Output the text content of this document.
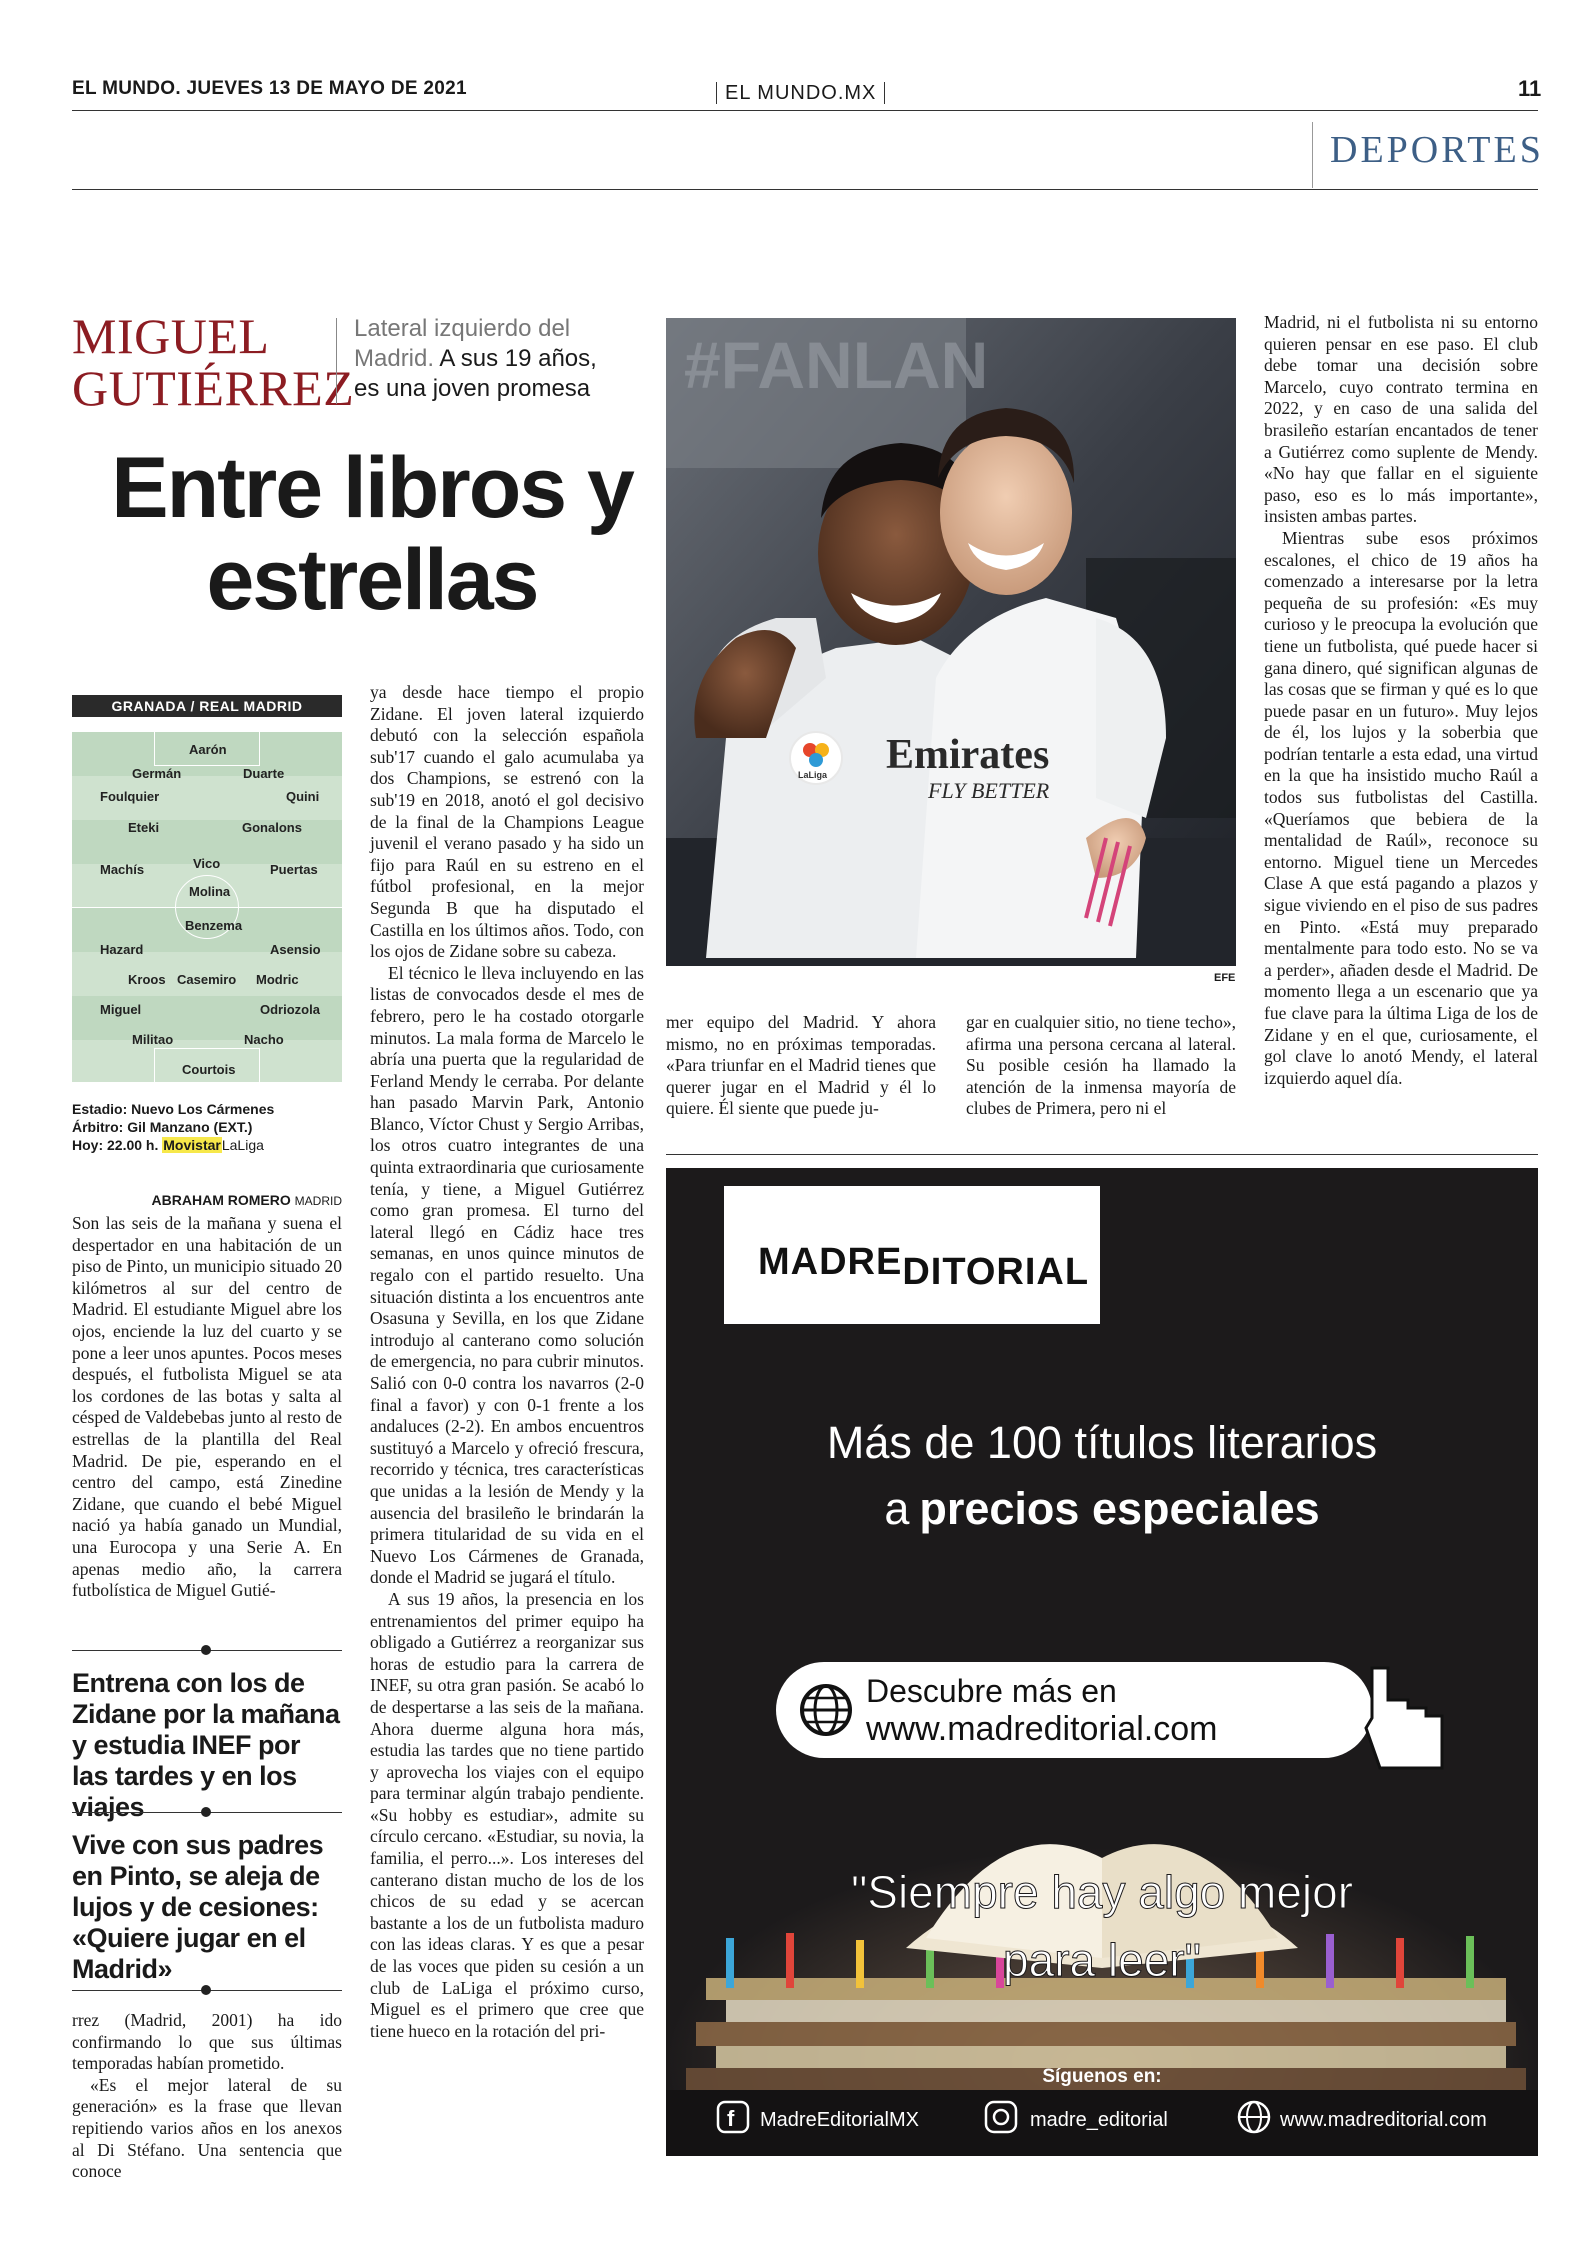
EL MUNDO. JUEVES 13 DE MAYO DE 2021	EL MUNDO.MX	11
DEPORTES
MIGUEL
GUTIÉRREZ
Lateral izquierdo del Madrid. A sus 19 años, es una joven promesa
Entre libros y
estrellas
GRANADA / REAL MADRID
Aarón
Germán	Duarte
Foulquier	Quini
Eteki	Gonalons
Machís	Vico	Puertas
Molina
Benzema
Hazard	Asensio
Kroos Casemiro Modric
Miguel	Odriozola
Militao	Nacho
Courtois
Estadio: Nuevo Los Cármenes
Árbitro: Gil Manzano (EXT.)
Hoy: 22.00 h. MovistarLaLiga
ABRAHAM ROMERO MADRID

Son las seis de la mañana y suena el despertador en una habitación de un piso de Pinto, un municipio situado 20 kilómetros al sur del centro de Madrid. El estudiante Miguel abre los ojos, enciende la luz del cuarto y se pone a leer unos apuntes. Pocos meses después, el futbolista Miguel se ata los cordones de las botas y salta al césped de Valdebebas junto al resto de estrellas de la plantilla del Real Madrid. De pie, esperando en el centro del campo, está Zinedine Zidane, que cuando el bebé Miguel nació ya había ganado un Mundial, una Eurocopa y una Serie A. En apenas medio año, la carrera futbolística de Miguel Gutié-

Entrena con los de Zidane por la mañana y estudia INEF por las tardes y en los viajes
Vive con sus padres en Pinto, se aleja de lujos y de cesiones: «Quiere jugar en el Madrid»

rrez (Madrid, 2001) ha ido confirmando lo que sus últimas temporadas habían prometido.

«Es el mejor lateral de su generación» es la frase que llevan repitiendo varios años en los anexos al Di Stéfano. Una sentencia que conoce

ya desde hace tiempo el propio Zidane. El joven lateral izquierdo debutó con la selección española sub'17 cuando el galo acumulaba ya dos Champions, se estrenó con la sub'19 en 2018, anotó el gol decisivo de la final de la Champions League juvenil el verano pasado y ha sido un fijo para Raúl en su estreno en el fútbol profesional, en la mejor Segunda B que ha disputado el Castilla en los últimos años. Todo, con los ojos de Zidane sobre su cabeza.

El técnico le lleva incluyendo en las listas de convocados desde el mes de febrero, pero le ha costado otorgarle minutos. La mala forma de Marcelo le abría una puerta que la regularidad de Ferland Mendy le cerraba. Por delante han pasado Marvin Park, Antonio Blanco, Víctor Chust y Sergio Arribas, los otros cuatro integrantes de una quinta extraordinaria que curiosamente tenía, y tiene, a Miguel Gutiérrez como gran promesa. El turno del lateral llegó en Cádiz hace tres semanas, en unos quince minutos de regalo con el partido resuelto. Una situación distinta a los encuentros ante Osasuna y Sevilla, en los que Zidane introdujo al canterano como solución de emergencia, no para cubrir minutos. Salió con 0-0 contra los navarros (2-0 final a favor) y con 0-1 frente a los andaluces (2-2). En ambos encuentros sustituyó a Marcelo y ofreció frescura, recorrido y técnica, tres características que unidas a la lesión de Mendy y la ausencia del brasileño le brindarán la primera titularidad de su vida en el Nuevo Los Cármenes de Granada, donde el Madrid se jugará el título.

A sus 19 años, la presencia en los entrenamientos del primer equipo ha obligado a Gutiérrez a reorganizar sus horas de estudio para la carrera de INEF, su otra gran pasión. Se acabó lo de despertarse a las seis de la mañana. Ahora duerme alguna hora más, estudia las tardes que no tiene partido y aprovecha los viajes con el equipo para terminar algún trabajo pendiente. «Su hobby es estudiar», admite su círculo cercano. «Estudiar, su novia, la familia, el perro...». Los intereses del canterano distan mucho de los de los chicos de su edad y se acercan bastante a los de un futbolista maduro con las ideas claras. Y es que a pesar de las voces que piden su cesión a un club de LaLiga el próximo curso, Miguel es el primero que cree que tiene hueco en la rotación del pri-

LaLiga Emirates
FLY BETTER
#FANLAN
EFE

mer equipo del Madrid. Y ahora mismo, no en próximas temporadas. «Para triunfar en el Madrid tienes que querer jugar en el Madrid y él lo quiere. Él siente que puede ju-

gar en cualquier sitio, no tiene techo», afirma una persona cercana al lateral. Su posible cesión ha llamado la atención de la inmensa mayoría de clubes de Primera, pero ni el

Madrid, ni el futbolista ni su entorno quieren pensar en ese paso. El club debe tomar una decisión sobre Marcelo, cuyo contrato termina en 2022, y en caso de una salida del brasileño estarían encantados de tener a Gutiérrez como suplente de Mendy. «No hay que fallar en el siguiente paso, eso es lo más importante», insisten ambas partes.

Mientras sube esos próximos escalones, el chico de 19 años ha comenzado a interesarse por la letra pequeña de su profesión: «Es muy curioso y le preocupa la evolución que tiene un futbolista, qué puede hacer si gana dinero, qué significan algunas de las cosas que se firman y qué es lo que puede pasar en un futuro». Muy lejos de él, los lujos y la soberbia que podrían tentarle a esta edad, una virtud en la que ha insistido mucho Raúl a todos sus futbolistas del Castilla. «Queríamos que bebiera de la mentalidad de Raúl», reconoce su entorno. Miguel tiene un Mercedes Clase A que está pagando a plazos y sigue viviendo en el piso de sus padres en Pinto. «Está muy preparado mentalmente para todo esto. No se va a perder», añaden desde el Madrid. De momento llega a un escenario que ya fue clave para la última Liga de los de Zidane y en el que, curiosamente, el gol clave lo anotó Mendy, el lateral izquierdo aquel día.

MADREDITORIAL
Más de 100 títulos literarios
a precios especiales
Descubre más en
www.madreditorial.com
"Siempre hay algo mejor
para leer"
Síguenos en:
f MadreEditorialMX	madre_editorial	www.madreditorial.com
